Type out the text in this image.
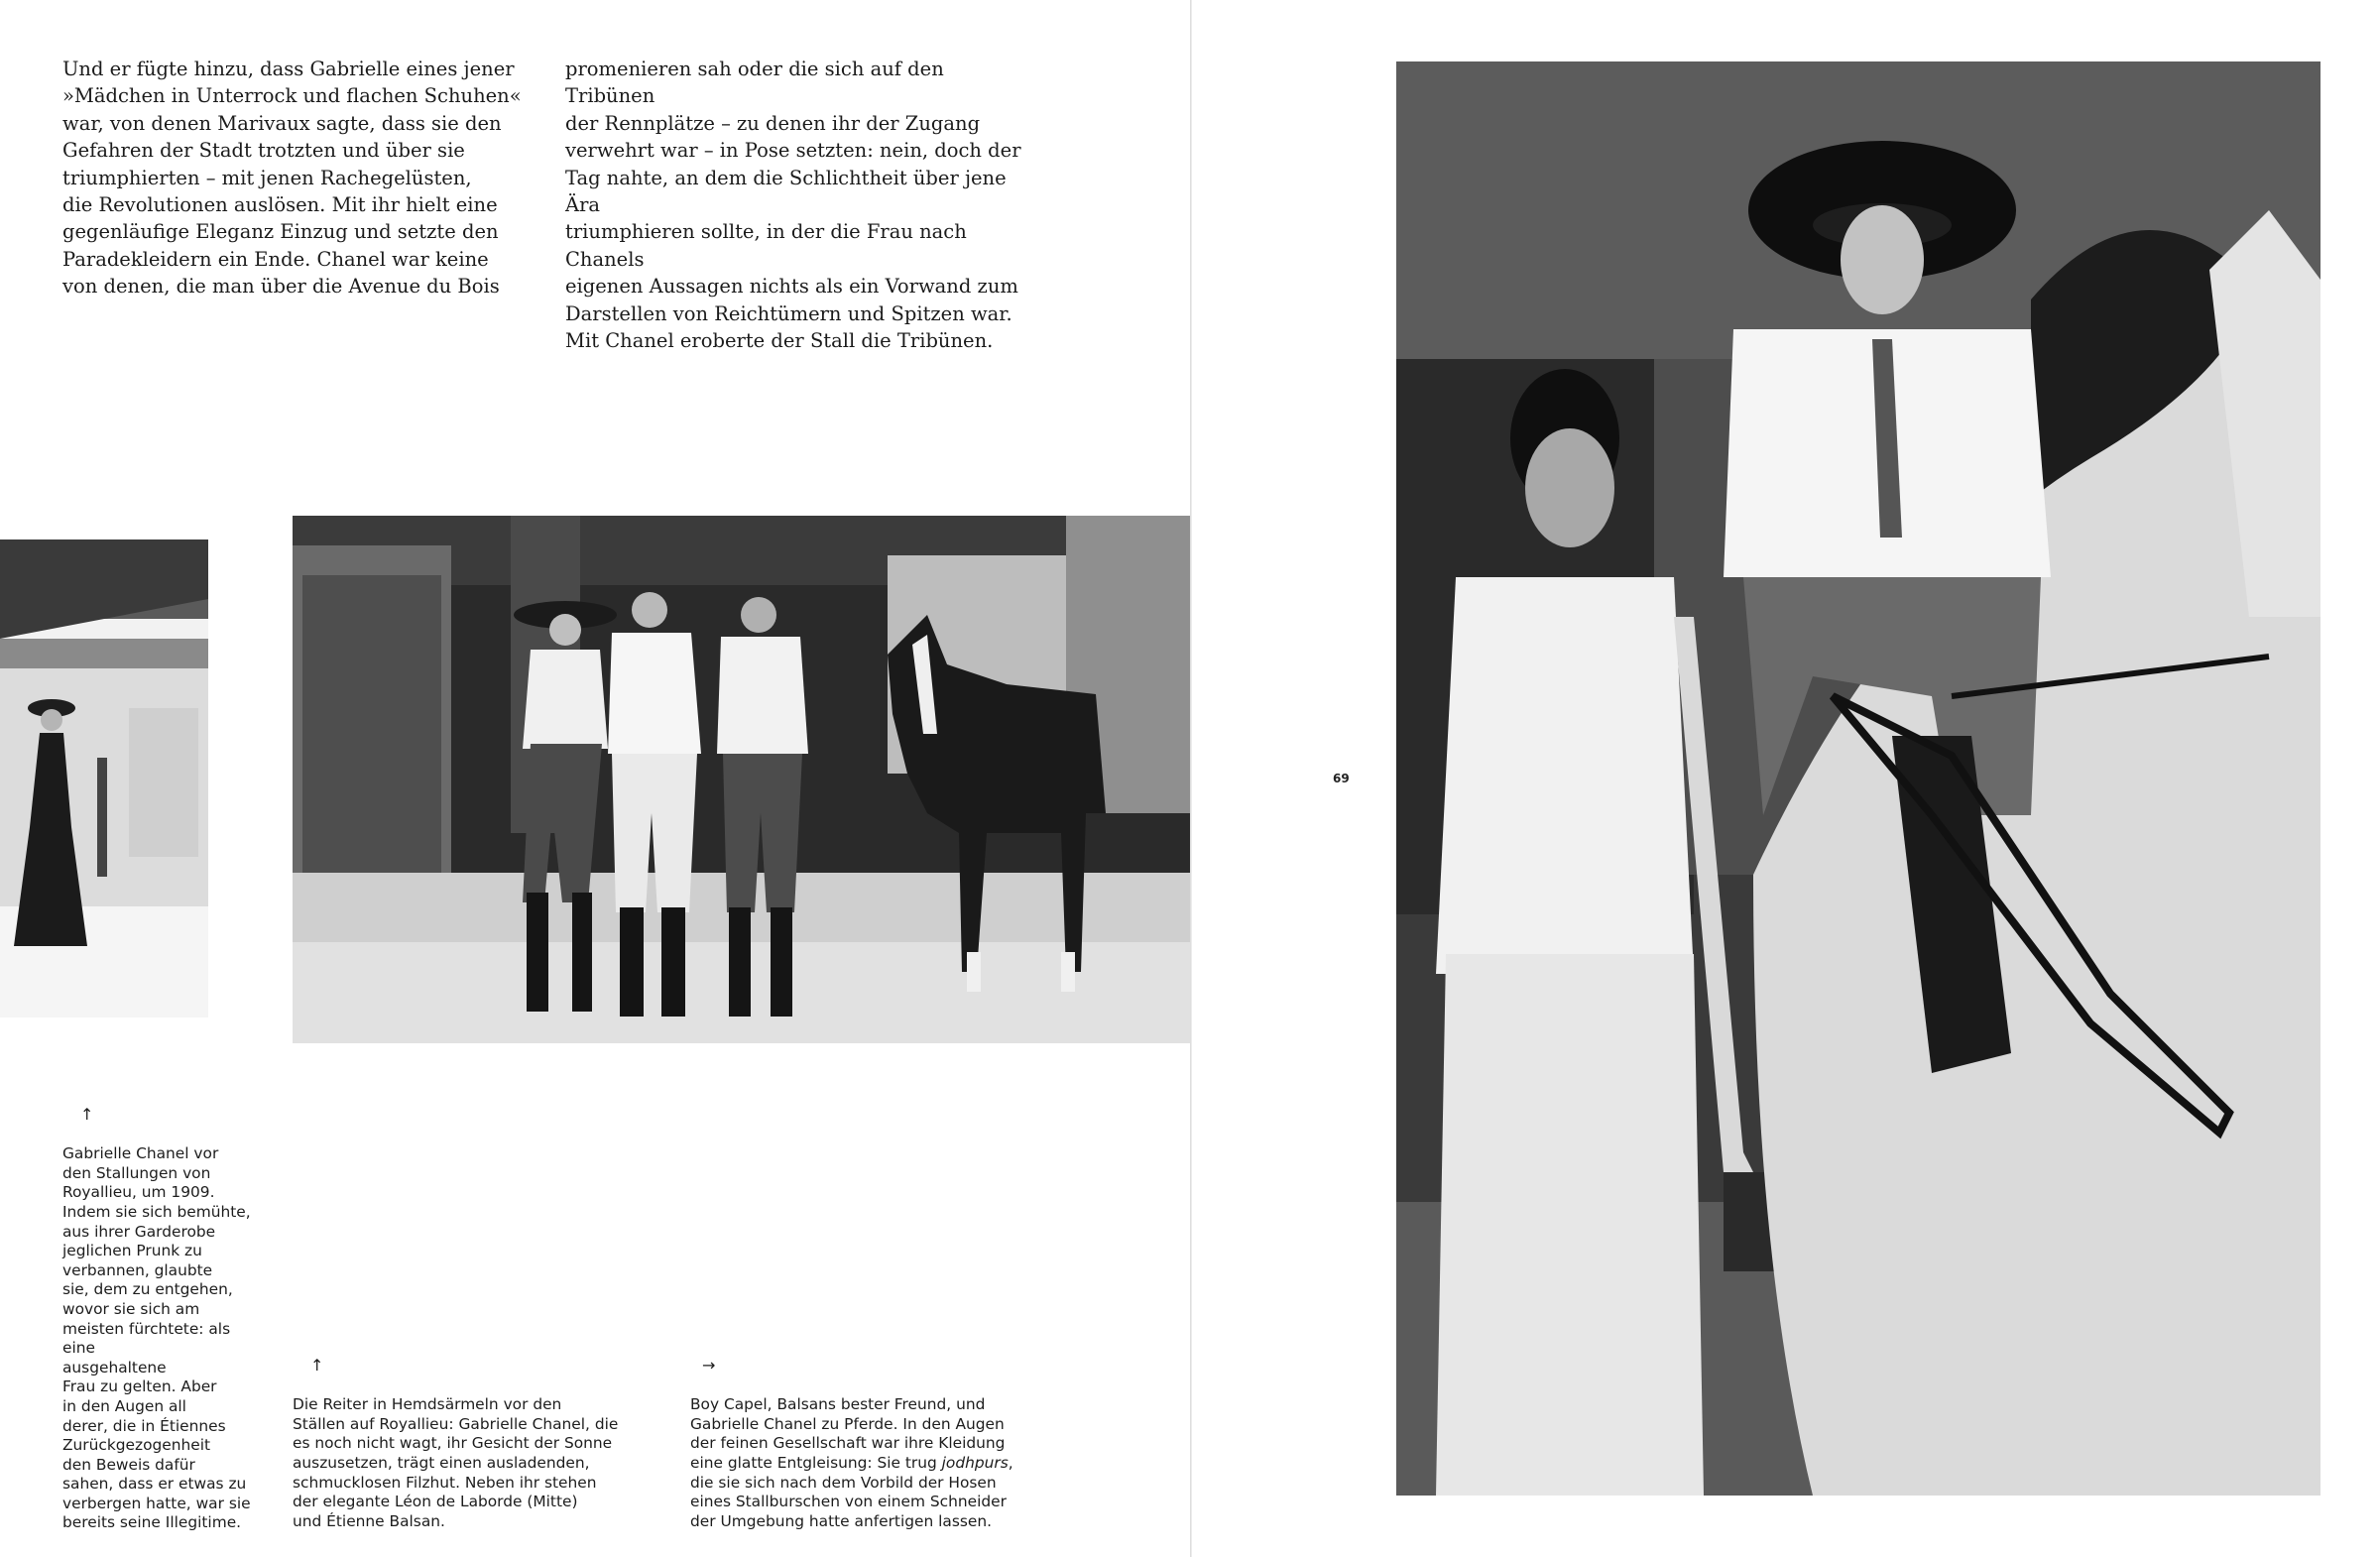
Und er fügte hinzu, dass Gabrielle eines jener
»Mädchen in Unterrock und flachen Schuhen«
war, von denen Marivaux sagte, dass sie den
Gefahren der Stadt trotzten und über sie
triumphierten – mit jenen Rachegelüsten,
die Revolutionen auslösen. Mit ihr hielt eine
gegenläufige Eleganz Einzug und setzte den
Paradekleidern ein Ende. Chanel war keine
von denen, die man über die Avenue du Bois
promenieren sah oder die sich auf den Tribünen
der Rennplätze – zu denen ihr der Zugang
verwehrt war – in Pose setzten: nein, doch der
Tag nahte, an dem die Schlichtheit über jene Ära
triumphieren sollte, in der die Frau nach Chanels
eigenen Aussagen nichts als ein Vorwand zum
Darstellen von Reichtümern und Spitzen war.
Mit Chanel eroberte der Stall die Tribünen.

↑

Gabrielle Chanel vor
den Stallungen von
Royallieu, um 1909.
Indem sie sich bemühte,
aus ihrer Garderobe
jeglichen Prunk zu
verbannen, glaubte
sie, dem zu entgehen,
wovor sie sich am
meisten fürchtete: als
eine
ausgehaltene
Frau zu gelten. Aber
in den Augen all
derer, die in Étiennes
Zurückgezogenheit
den Beweis dafür
sahen, dass er etwas zu
verbergen hatte, war sie
bereits seine Illegitime.

↑

Die Reiter in Hemdsärmeln vor den
Ställen auf Royallieu: Gabrielle Chanel, die
es noch nicht wagt, ihr Gesicht der Sonne
auszusetzen, trägt einen ausladenden,
schmucklosen Filzhut. Neben ihr stehen
der elegante Léon de Laborde (Mitte)
und Étienne Balsan.

→

Boy Capel, Balsans bester Freund, und
Gabrielle Chanel zu Pferde. In den Augen
der feinen Gesellschaft war ihre Kleidung
eine glatte Entgleisung: Sie trug jodhpurs,
die sie sich nach dem Vorbild der Hosen
eines Stallburschen von einem Schneider
der Umgebung hatte anfertigen lassen.

69
